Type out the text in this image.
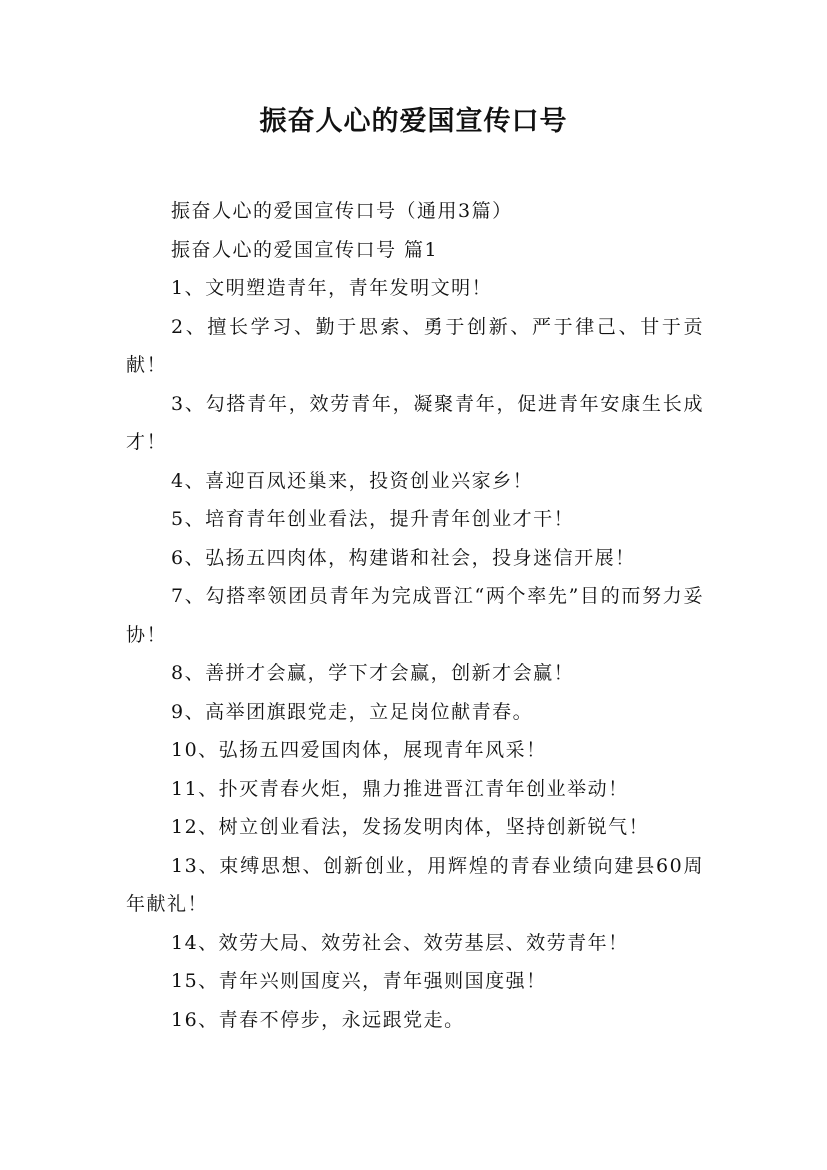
振奋人心的爱国宣传口号

振奋人心的爱国宣传口号（通用3篇）

振奋人心的爱国宣传口号 篇1

1、文明塑造青年，青年发明文明！

2、擅长学习、勤于思索、勇于创新、严于律己、甘于贡献！

3、勾搭青年，效劳青年，凝聚青年，促进青年安康生长成才！

4、喜迎百凤还巢来，投资创业兴家乡！

5、培育青年创业看法，提升青年创业才干！

6、弘扬五四肉体，构建谐和社会，投身迷信开展！

7、勾搭率领团员青年为完成晋江“两个率先”目的而努力妥协！

8、善拼才会赢，学下才会赢，创新才会赢！

9、高举团旗跟党走，立足岗位献青春。

10、弘扬五四爱国肉体，展现青年风采！

11、扑灭青春火炬，鼎力推进晋江青年创业举动！

12、树立创业看法，发扬发明肉体，坚持创新锐气！

13、束缚思想、创新创业，用辉煌的青春业绩向建县60周年献礼！

14、效劳大局、效劳社会、效劳基层、效劳青年！

15、青年兴则国度兴，青年强则国度强！

16、青春不停步，永远跟党走。
